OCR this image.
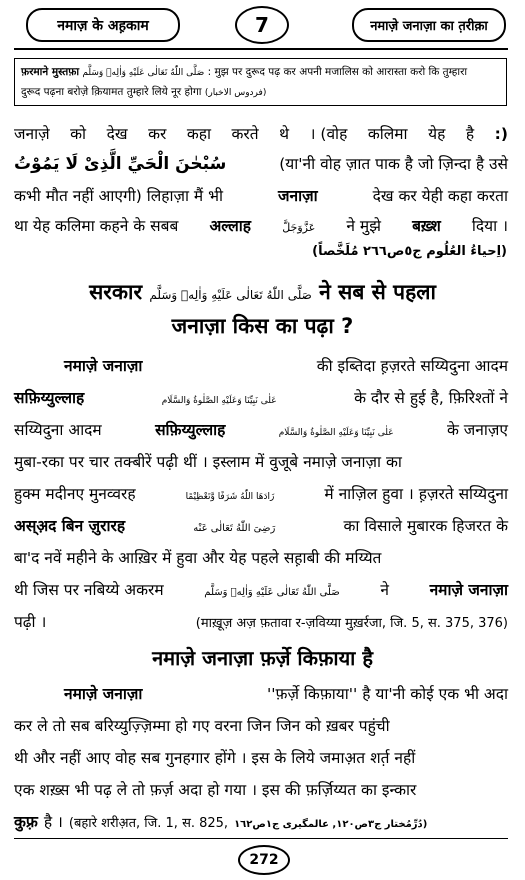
नमाज़ के अह़काम	7	नमाज़े जनाज़ा का त़रीक़ा
फ़रमाने मुस्तफ़ा صَلَّى اللّٰهُ تَعَالٰى عَلَيْهِ وَاٰلِهٖ وَسَلَّم : मुझ पर दुरूद पढ़ कर अपनी मजालिस को आरास्ता करो कि तुम्हारा
दुरूद पढ़ना बरोज़े क़ियामत तुम्हारे लिये नूर होगा (فردوس الاخبار)
जनाज़े को देख कर कहा करते थे । (वोह कलिमा येह है :)
سُبْحٰنَ الْحَيِّ الَّذِىْ لَا يَمُوْتُ	(या'नी वोह ज़ात पाक है जो ज़िन्दा है उसे
कभी मौत नहीं आएगी) लिहाज़ा मैं भी	जनाज़ा	देख कर येही कहा करता
था येह कलिमा कहने के सबब अल्लाह	عَزَّوَجَلَّ ने मुझे बख़्श दिया ।
(اِحیاءُ العُلُوم ج٥ص٢٦٦ مُلَخَّصاً)
सरकार صَلَّى اللّٰهُ تَعَالٰى عَلَيْهِ وَاٰلِهٖ وَسَلَّم ने सब से पहला
जनाज़ा किस का पढ़ा ?
नमाज़े जनाज़ा	की इब्तिदा ह़ज़रते सय्यिदुना आदम
सफ़िय्युल्लाह	عَلٰى نَبِيِّنَا وَعَلَيْهِ الصَّلٰوةُ وَالسَّلَام	के दौर से हुई है, फ़िरिश्तों ने
सय्यिदुना आदम	सफ़िय्युल्लाह	عَلٰى نَبِيِّنَا وَعَلَيْهِ الصَّلٰوةُ وَالسَّلَام	के जनाज़ए
मुबा-रका पर चार तक्बीरें पढ़ी थीं । इस्लाम में वुजूबे नमाज़े जनाज़ा का
हुक्म मदीनए मुनव्वरह	زَادَهَا اللّٰهُ شَرَفًا وَّتَعْظِيْمًا	में नाज़िल हुवा । ह़ज़रते सय्यिदुना
अस्अ़द बिन ज़ुरारह	رَضِىَ اللّٰهُ تَعَالٰى عَنْه	का विसाले मुबारक हिजरत के
बा'द नवें महीने के आख़िर में हुवा और येह पहले सह़ाबी की मय्यित
थी जिस पर नबिय्ये अकरम	صَلَّى اللّٰهُ تَعَالٰى عَلَيْهِ وَاٰلِهٖ وَسَلَّم	ने	नमाज़े जनाज़ा
पढ़ी ।	(माख़ूज़ अज़ फ़तावा र-ज़विय्या मुख़र्रजा, जि. 5, स. 375, 376)
नमाज़े जनाज़ा फ़र्ज़े किफ़ाया है
नमाज़े जनाज़ा	''फ़र्ज़े किफ़ाया'' है या'नी कोई एक भी अदा
कर ले तो सब बरिय्युज़्ज़िम्मा हो गए वरना जिन जिन को ख़बर पहुंची
थी और नहीं आए वोह सब गुनहगार होंगे । इस के लिये जमाअ़त शर्त़ नहीं
एक शख़्स भी पढ़ ले तो फ़र्ज़ अदा हो गया । इस की फ़र्ज़िय्यत का इन्कार
कुफ़्र है । (बहारे शरीअ़त, जि. 1, स. 825, دُرِّمُختار ج٣ص١٢٠, عالمگیری ج١ص١٦٢)
272
